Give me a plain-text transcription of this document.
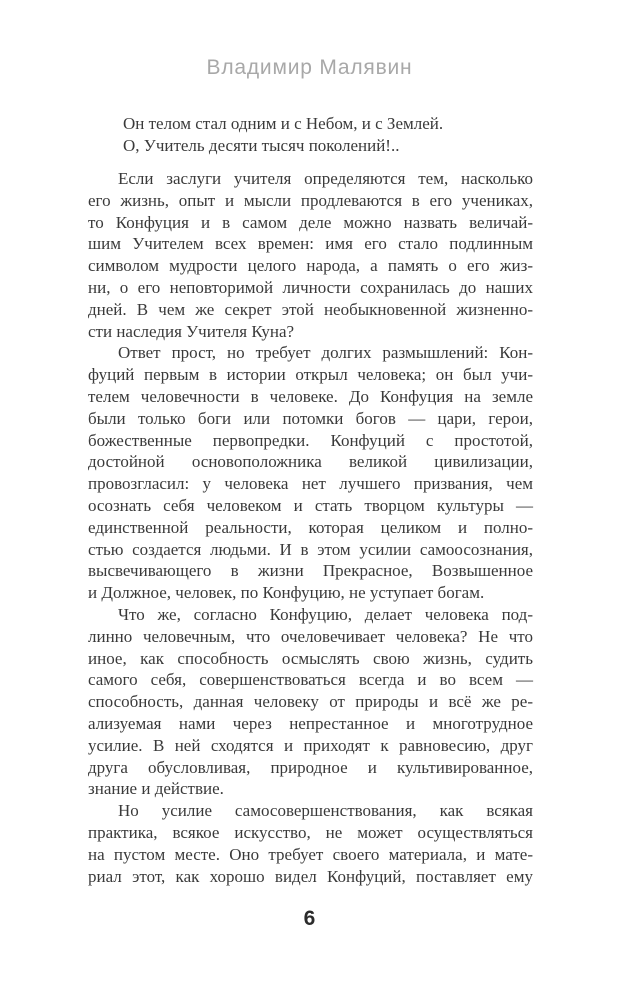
Владимир Малявин
Он телом стал одним и с Небом, и с Землей.
О, Учитель десяти тысяч поколений!..
Если заслуги учителя определяются тем, насколько
его жизнь, опыт и мысли продлеваются в его учениках,
то Конфуция и в самом деле можно назвать величай-
шим Учителем всех времен: имя его стало подлинным
символом мудрости целого народа, а память о его жиз-
ни, о его неповторимой личности сохранилась до наших
дней. В чем же секрет этой необыкновенной жизненно-
сти наследия Учителя Куна?
Ответ прост, но требует долгих размышлений: Кон-
фуций первым в истории открыл человека; он был учи-
телем человечности в человеке. До Конфуция на земле
были только боги или потомки богов — цари, герои,
божественные первопредки. Конфуций с простотой,
достойной основоположника великой цивилизации,
провозгласил: у человека нет лучшего призвания, чем
осознать себя человеком и стать творцом культуры —
единственной реальности, которая целиком и полно-
стью создается людьми. И в этом усилии самоосознания,
высвечивающего в жизни Прекрасное, Возвышенное
и Должное, человек, по Конфуцию, не уступает богам.
Что же, согласно Конфуцию, делает человека под-
линно человечным, что очеловечивает человека? Не что
иное, как способность осмыслять свою жизнь, судить
самого себя, совершенствоваться всегда и во всем —
способность, данная человеку от природы и всё же ре-
ализуемая нами через непрестанное и многотрудное
усилие. В ней сходятся и приходят к равновесию, друг
друга обусловливая, природное и культивированное,
знание и действие.
Но усилие самосовершенствования, как всякая
практика, всякое искусство, не может осуществляться
на пустом месте. Оно требует своего материала, и мате-
риал этот, как хорошо видел Конфуций, поставляет ему
6
